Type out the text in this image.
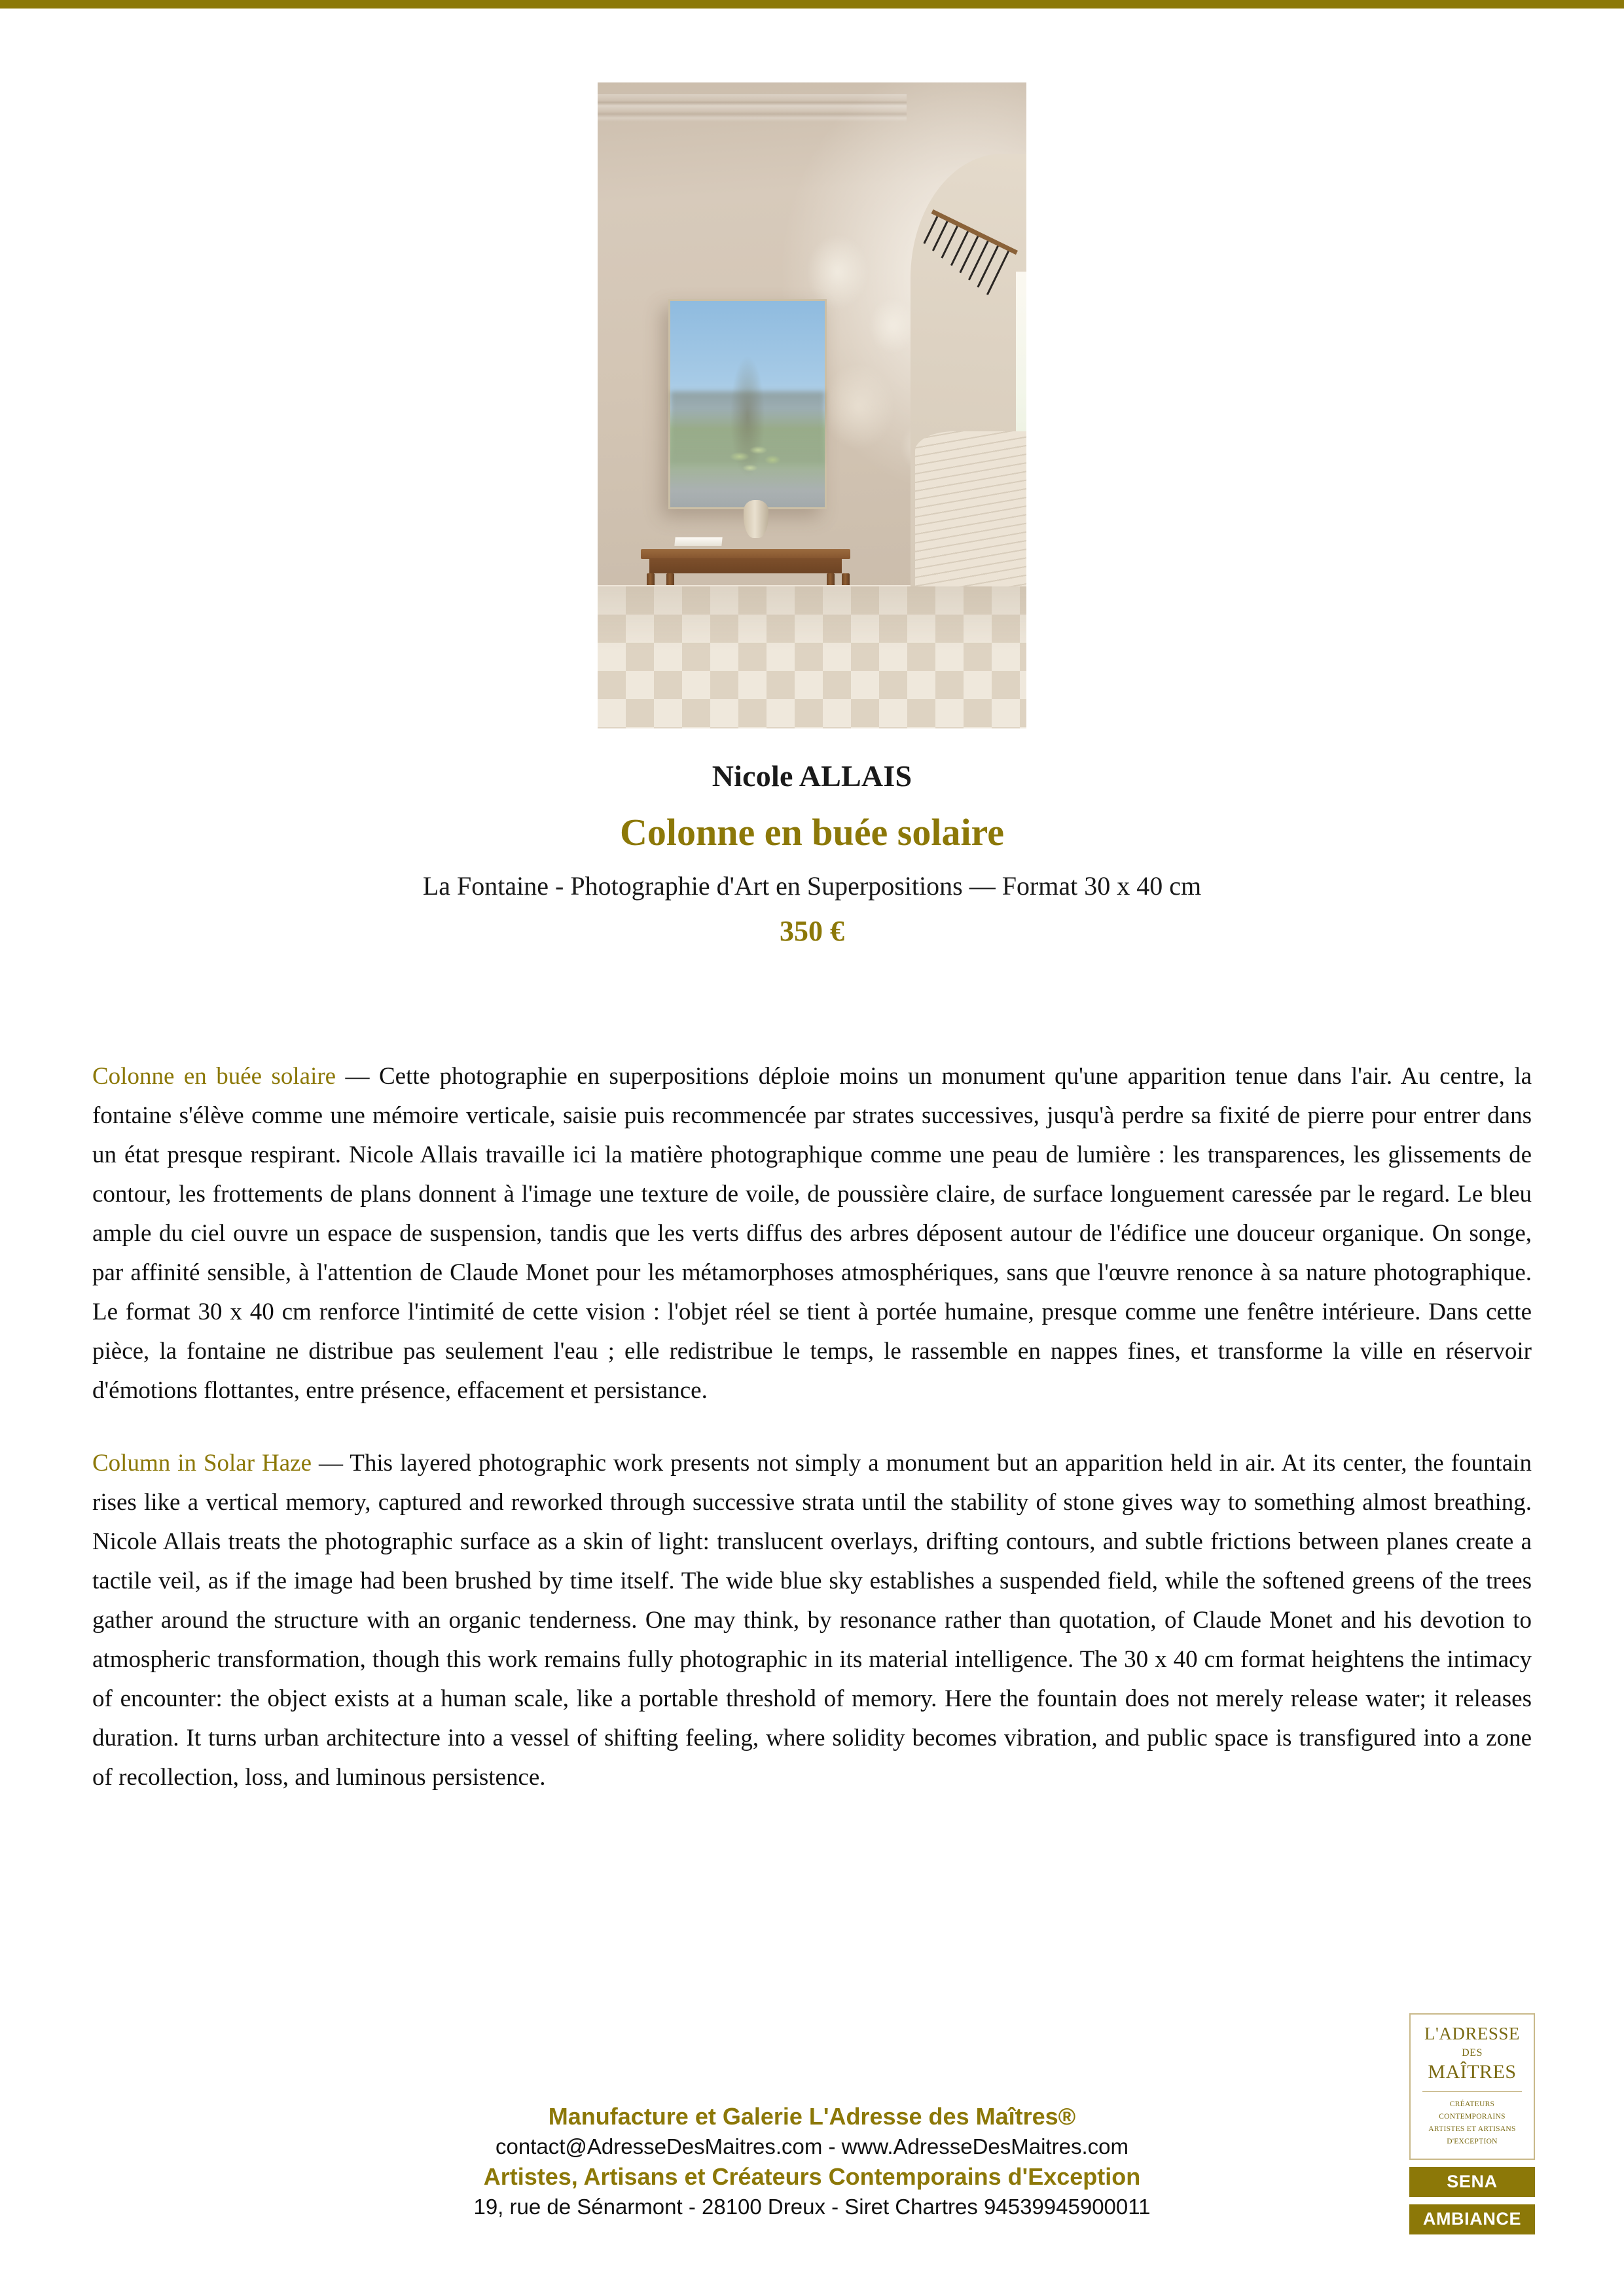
Nicole ALLAIS
Colonne en buée solaire
La Fontaine - Photographie d'Art en Superpositions — Format 30 x 40 cm
350 €

Colonne en buée solaire — Cette photographie en superpositions déploie moins un monument qu'une apparition tenue dans l'air. Au centre, la fontaine s'élève comme une mémoire verticale, saisie puis recommencée par strates successives, jusqu'à perdre sa fixité de pierre pour entrer dans un état presque respirant. Nicole Allais travaille ici la matière photographique comme une peau de lumière : les transparences, les glissements de contour, les frottements de plans donnent à l'image une texture de voile, de poussière claire, de surface longuement caressée par le regard. Le bleu ample du ciel ouvre un espace de suspension, tandis que les verts diffus des arbres déposent autour de l'édifice une douceur organique. On songe, par affinité sensible, à l'attention de Claude Monet pour les métamorphoses atmosphériques, sans que l'œuvre renonce à sa nature photographique. Le format 30 x 40 cm renforce l'intimité de cette vision : l'objet réel se tient à portée humaine, presque comme une fenêtre intérieure. Dans cette pièce, la fontaine ne distribue pas seulement l'eau ; elle redistribue le temps, le rassemble en nappes fines, et transforme la ville en réservoir d'émotions flottantes, entre présence, effacement et persistance.

Column in Solar Haze — This layered photographic work presents not simply a monument but an apparition held in air. At its center, the fountain rises like a vertical memory, captured and reworked through successive strata until the stability of stone gives way to something almost breathing. Nicole Allais treats the photographic surface as a skin of light: translucent overlays, drifting contours, and subtle frictions between planes create a tactile veil, as if the image had been brushed by time itself. The wide blue sky establishes a suspended field, while the softened greens of the trees gather around the structure with an organic tenderness. One may think, by resonance rather than quotation, of Claude Monet and his devotion to atmospheric transformation, though this work remains fully photographic in its material intelligence. The 30 x 40 cm format heightens the intimacy of encounter: the object exists at a human scale, like a portable threshold of memory. Here the fountain does not merely release water; it releases duration. It turns urban architecture into a vessel of shifting feeling, where solidity becomes vibration, and public space is transfigured into a zone of recollection, loss, and luminous persistence.

Manufacture et Galerie L'Adresse des Maîtres®
contact@AdresseDesMaitres.com - www.AdresseDesMaitres.com
Artistes, Artisans et Créateurs Contemporains d'Exception
19, rue de Sénarmont - 28100 Dreux - Siret Chartres 94539945900011
L'ADRESSE
DES
MAÎTRES
CRÉATEURS CONTEMPORAINS
ARTISTES ET ARTISANS
D'EXCEPTION
SENA
AMBIANCE
